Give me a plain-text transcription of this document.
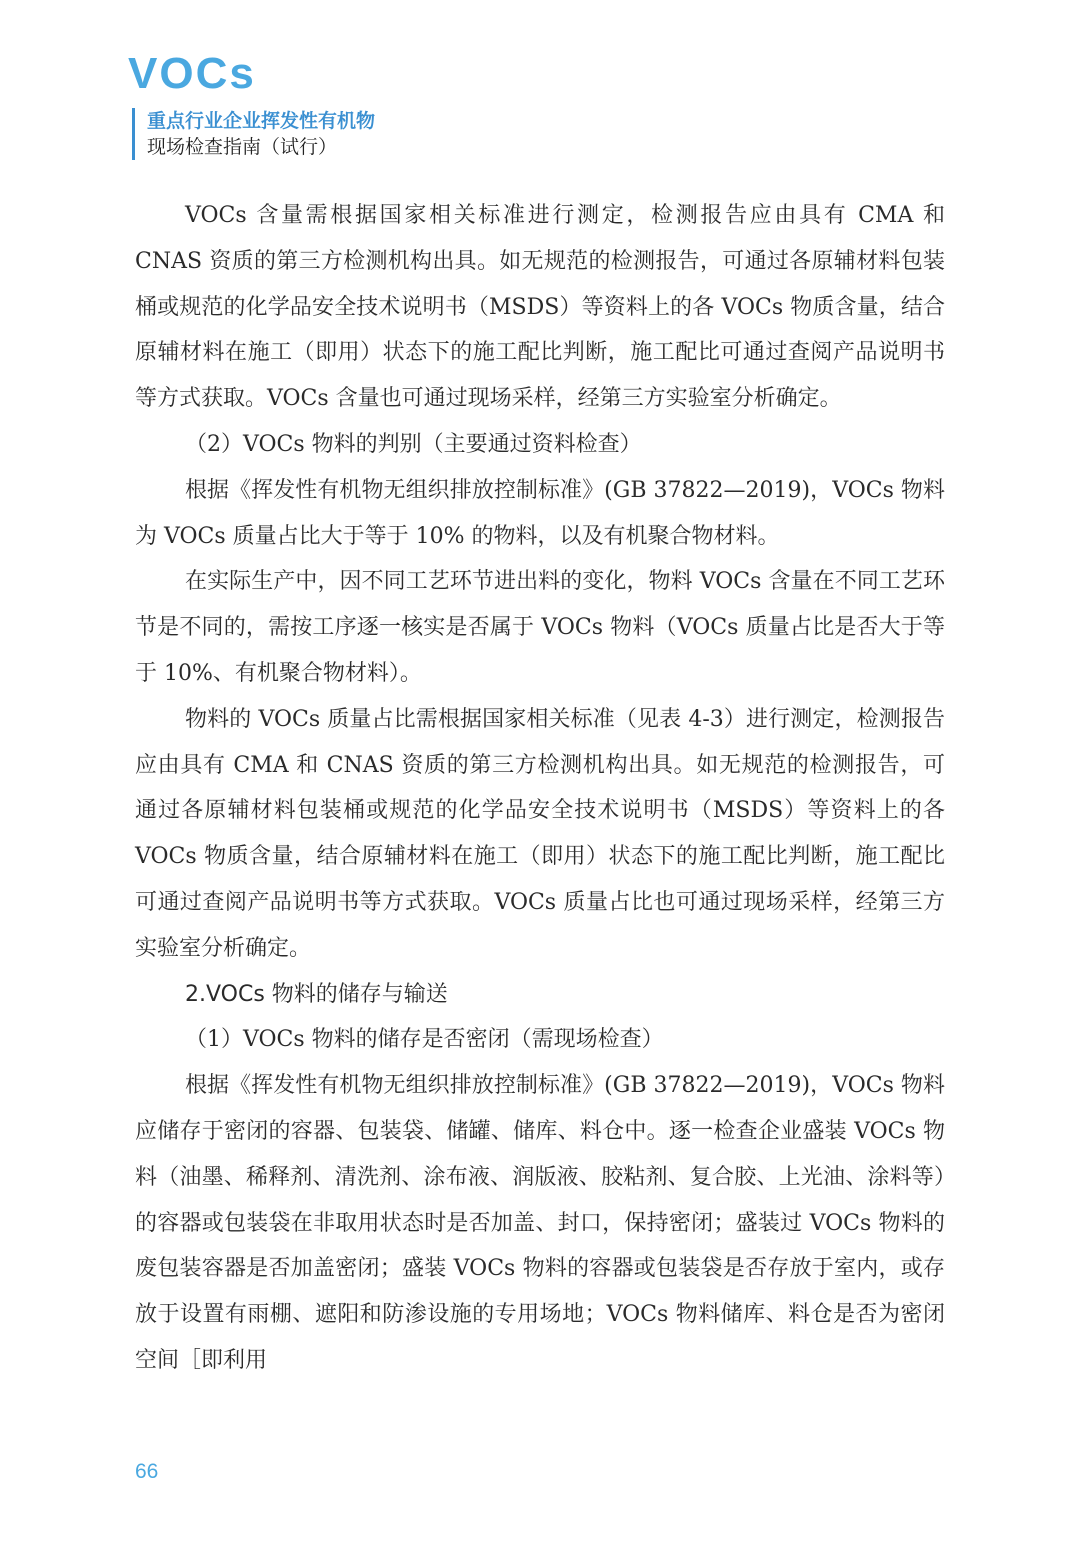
VOCs
重点行业企业挥发性有机物
现场检查指南（试行）

VOCs 含量需根据国家相关标准进行测定，检测报告应由具有 CMA 和 CNAS 资质的第三方检测机构出具。如无规范的检测报告，可通过各原辅材料包装桶或规范的化学品安全技术说明书（MSDS）等资料上的各 VOCs 物质含量，结合原辅材料在施工（即用）状态下的施工配比判断，施工配比可通过查阅产品说明书等方式获取。VOCs 含量也可通过现场采样，经第三方实验室分析确定。

（2）VOCs 物料的判别（主要通过资料检查）

根据《挥发性有机物无组织排放控制标准》(GB 37822—2019)，VOCs 物料为 VOCs 质量占比大于等于 10% 的物料，以及有机聚合物材料。

在实际生产中，因不同工艺环节进出料的变化，物料 VOCs 含量在不同工艺环节是不同的，需按工序逐一核实是否属于 VOCs 物料（VOCs 质量占比是否大于等于 10%、有机聚合物材料）。

物料的 VOCs 质量占比需根据国家相关标准（见表 4-3）进行测定，检测报告应由具有 CMA 和 CNAS 资质的第三方检测机构出具。如无规范的检测报告，可通过各原辅材料包装桶或规范的化学品安全技术说明书（MSDS）等资料上的各 VOCs 物质含量，结合原辅材料在施工（即用）状态下的施工配比判断，施工配比可通过查阅产品说明书等方式获取。VOCs 质量占比也可通过现场采样，经第三方实验室分析确定。

2.VOCs 物料的储存与输送

（1）VOCs 物料的储存是否密闭（需现场检查）

根据《挥发性有机物无组织排放控制标准》(GB 37822—2019)，VOCs 物料应储存于密闭的容器、包装袋、储罐、储库、料仓中。逐一检查企业盛装 VOCs 物料（油墨、稀释剂、清洗剂、涂布液、润版液、胶粘剂、复合胶、上光油、涂料等）的容器或包装袋在非取用状态时是否加盖、封口，保持密闭；盛装过 VOCs 物料的废包装容器是否加盖密闭；盛装 VOCs 物料的容器或包装袋是否存放于室内，或存放于设置有雨棚、遮阳和防渗设施的专用场地；VOCs 物料储库、料仓是否为密闭空间［即利用

66
